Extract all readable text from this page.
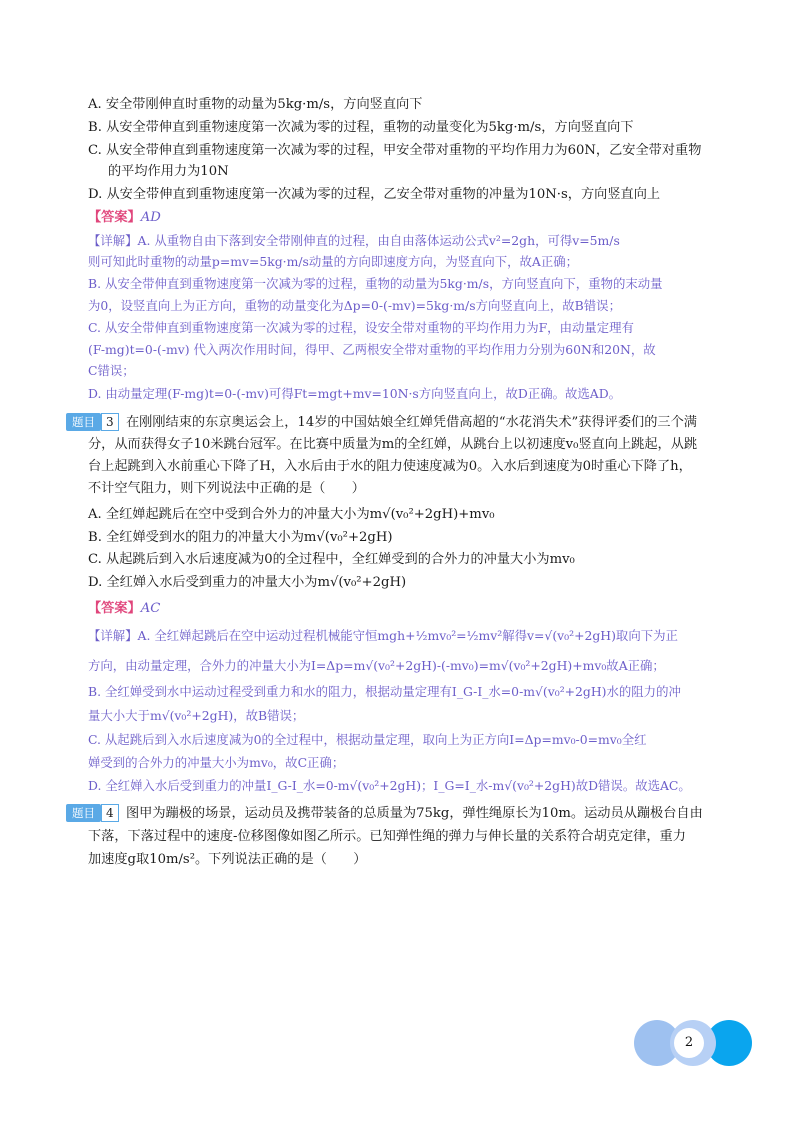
A. 安全带刚伸直时重物的动量为5kg·m/s，方向竖直向下
B. 从安全带伸直到重物速度第一次减为零的过程，重物的动量变化为5kg·m/s，方向竖直向下
C. 从安全带伸直到重物速度第一次减为零的过程，甲安全带对重物的平均作用力为60N，乙安全带对重物
的平均作用力为10N
D. 从安全带伸直到重物速度第一次减为零的过程，乙安全带对重物的冲量为10N·s，方向竖直向上
【答案】AD
【详解】A. 从重物自由下落到安全带刚伸直的过程，由自由落体运动公式v²=2gh，可得v=5m/s
则可知此时重物的动量p=mv=5kg·m/s动量的方向即速度方向，为竖直向下，故A正确；
B. 从安全带伸直到重物速度第一次减为零的过程，重物的动量为5kg·m/s，方向竖直向下，重物的末动量
为0，设竖直向上为正方向，重物的动量变化为Δp=0-(-mv)=5kg·m/s方向竖直向上，故B错误；
C. 从安全带伸直到重物速度第一次减为零的过程，设安全带对重物的平均作用力为F，由动量定理有
(F-mg)t=0-(-mv) 代入两次作用时间，得甲、乙两根安全带对重物的平均作用力分别为60N和20N，故
C错误；
D. 由动量定理(F-mg)t=0-(-mv)可得Ft=mgt+mv=10N·s方向竖直向上，故D正确。故选AD。
题目 3 在刚刚结束的东京奥运会上，14岁的中国姑娘全红婵凭借高超的“水花消失术”获得评委们的三个满
分，从而获得女子10米跳台冠军。在比赛中质量为m的全红婵，从跳台上以初速度v₀竖直向上跳起，从跳
台上起跳到入水前重心下降了H，入水后由于水的阻力使速度减为0。入水后到速度为0时重心下降了h，
不计空气阻力，则下列说法中正确的是（　　）
A. 全红婵起跳后在空中受到合外力的冲量大小为m√(v₀²+2gH)+mv₀
B. 全红婵受到水的阻力的冲量大小为m√(v₀²+2gH)
C. 从起跳后到入水后速度减为0的全过程中，全红婵受到的合外力的冲量大小为mv₀
D. 全红婵入水后受到重力的冲量大小为m√(v₀²+2gH)
【答案】AC
【详解】A. 全红婵起跳后在空中运动过程机械能守恒mgh+½mv₀²=½mv²解得v=√(v₀²+2gH)取向下为正
方向，由动量定理，合外力的冲量大小为I=Δp=m√(v₀²+2gH)-(-mv₀)=m√(v₀²+2gH)+mv₀故A正确；
B. 全红婵受到水中运动过程受到重力和水的阻力，根据动量定理有I_G-I_水=0-m√(v₀²+2gH)水的阻力的冲
量大小大于m√(v₀²+2gH)，故B错误；
C. 从起跳后到入水后速度减为0的全过程中，根据动量定理，取向上为正方向I=Δp=mv₀-0=mv₀全红
婵受到的合外力的冲量大小为mv₀，故C正确；
D. 全红婵入水后受到重力的冲量I_G-I_水=0-m√(v₀²+2gH)；I_G=I_水-m√(v₀²+2gH)故D错误。故选AC。
题目 4 图甲为蹦极的场景，运动员及携带装备的总质量为75kg，弹性绳原长为10m。运动员从蹦极台自由
下落，下落过程中的速度-位移图像如图乙所示。已知弹性绳的弹力与伸长量的关系符合胡克定律，重力
加速度g取10m/s²。下列说法正确的是（　　）
2
